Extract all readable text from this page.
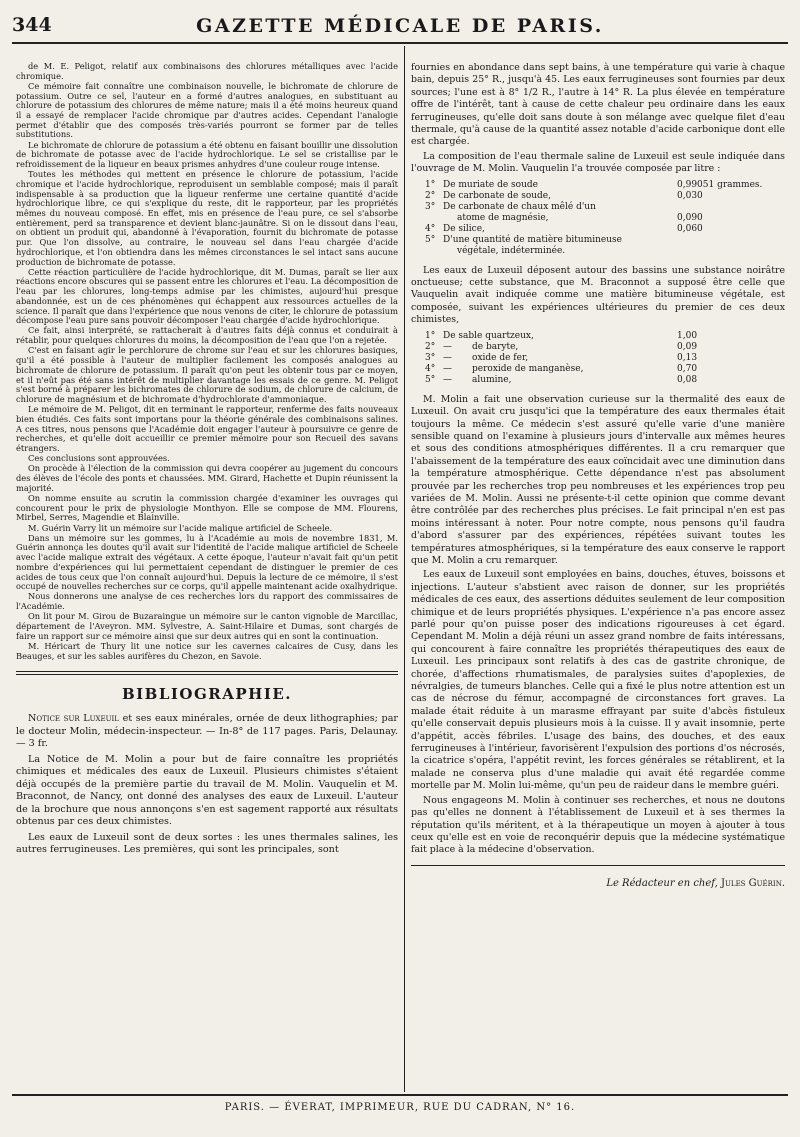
344	GAZETTE MÉDICALE DE PARIS.

de M. E. Peligot, relatif aux combinaisons des chlorures métalliques avec l'acide chromique.

Ce mémoire fait connaître une combinaison nouvelle, le bichromate de chlorure de potassium. Outre ce sel, l'auteur en a formé d'autres analogues, en substituant au chlorure de potassium des chlorures de même nature; mais il a été moins heureux quand il a essayé de remplacer l'acide chromique par d'autres acides. Cependant l'analogie permet d'établir que des composés très-variés pourront se former par de telles substitutions.

Le bichromate de chlorure de potassium a été obtenu en faisant bouillir une dissolution de bichromate de potasse avec de l'acide hydrochlorique. Le sel se cristallise par le refroidissement de la liqueur en beaux prismes anhydres d'une couleur rouge intense.

Toutes les méthodes qui mettent en présence le chlorure de potassium, l'acide chromique et l'acide hydrochlorique, reproduisent un semblable composé; mais il paraît indispensable à sa production que la liqueur renferme une certaine quantité d'acide hydrochlorique libre, ce qui s'explique du reste, dit le rapporteur, par les propriétés mêmes du nouveau composé. En effet, mis en présence de l'eau pure, ce sel s'absorbe entièrement, perd sa transparence et devient blanc-jaunâtre. Si on le dissout dans l'eau, on obtient un produit qui, abandonné à l'évaporation, fournit du bichromate de potasse pur. Que l'on dissolve, au contraire, le nouveau sel dans l'eau chargée d'acide hydrochlorique, et l'on obtiendra dans les mêmes circonstances le sel intact sans aucune production de bichromate de potasse.

Cette réaction particulière de l'acide hydrochlorique, dit M. Dumas, paraît se lier aux réactions encore obscures qui se passent entre les chlorures et l'eau. La décomposition de l'eau par les chlorures, long-temps admise par les chimistes, aujourd'hui presque abandonnée, est un de ces phénomènes qui échappent aux ressources actuelles de la science. Il paraît que dans l'expérience que nous venons de citer, le chlorure de potassium décompose l'eau pure sans pouvoir décomposer l'eau chargée d'acide hydrochlorique.

Ce fait, ainsi interprété, se rattacherait à d'autres faits déjà connus et conduirait à rétablir, pour quelques chlorures du moins, la décomposition de l'eau que l'on a rejetée.

C'est en faisant agir le perchlorure de chrome sur l'eau et sur les chlorures basiques, qu'il a été possible à l'auteur de multiplier facilement les composés analogues au bichromate de chlorure de potassium. Il paraît qu'on peut les obtenir tous par ce moyen, et il n'eût pas été sans intérêt de multiplier davantage les essais de ce genre. M. Peligot s'est borné à préparer les bichromates de chlorure de sodium, de chlorure de calcium, de chlorure de magnésium et de bichromate d'hydrochlorate d'ammoniaque.

Le mémoire de M. Peligot, dit en terminant le rapporteur, renferme des faits nouveaux bien étudiés. Ces faits sont importans pour la théorie générale des combinaisons salines. A ces titres, nous pensons que l'Académie doit engager l'auteur à poursuivre ce genre de recherches, et qu'elle doit accueillir ce premier mémoire pour son Recueil des savans étrangers.

Ces conclusions sont approuvées.

On procède à l'élection de la commission qui devra coopérer au jugement du concours des élèves de l'école des ponts et chaussées. MM. Girard, Hachette et Dupin réunissent la majorité.

On nomme ensuite au scrutin la commission chargée d'examiner les ouvrages qui concourent pour le prix de physiologie Monthyon. Elle se compose de MM. Flourens, Mirbel, Serres, Magendie et Blainville.

M. Guérin Varry lit un mémoire sur l'acide malique artificiel de Scheele.

Dans un mémoire sur les gommes, lu à l'Académie au mois de novembre 1831, M. Guérin annonça les doutes qu'il avait sur l'identité de l'acide malique artificiel de Scheele avec l'acide malique extrait des végétaux. A cette époque, l'auteur n'avait fait qu'un petit nombre d'expériences qui lui permettaient cependant de distinguer le premier de ces acides de tous ceux que l'on connaît aujourd'hui. Depuis la lecture de ce mémoire, il s'est occupé de nouvelles recherches sur ce corps, qu'il appelle maintenant acide oxalhydrique.

Nous donnerons une analyse de ces recherches lors du rapport des commissaires de l'Académie.

On lit pour M. Girou de Buzaraingue un mémoire sur le canton vignoble de Marcillac, département de l'Aveyron. MM. Sylvestre, A. Saint-Hilaire et Dumas, sont chargés de faire un rapport sur ce mémoire ainsi que sur deux autres qui en sont la continuation.

M. Héricart de Thury lit une notice sur les cavernes calcaires de Cusy, dans les Beauges, et sur les sables aurifères du Chezon, en Savoie.

BIBLIOGRAPHIE.

Notice sur Luxeuil et ses eaux minérales, ornée de deux lithographies; par le docteur Molin, médecin-inspecteur. — In-8° de 117 pages. Paris, Delaunay. — 3 fr.

La Notice de M. Molin a pour but de faire connaître les propriétés chimiques et médicales des eaux de Luxeuil. Plusieurs chimistes s'étaient déjà occupés de la première partie du travail de M. Molin. Vauquelin et M. Braconnot, de Nancy, ont donné des analyses des eaux de Luxeuil. L'auteur de la brochure que nous annonçons s'en est sagement rapporté aux résultats obtenus par ces deux chimistes.

Les eaux de Luxeuil sont de deux sortes : les unes thermales salines, les autres ferrugineuses. Les premières, qui sont les principales, sont

fournies en abondance dans sept bains, à une température qui varie à chaque bain, depuis 25° R., jusqu'à 45. Les eaux ferrugineuses sont fournies par deux sources; l'une est à 8° 1/2 R., l'autre à 14° R. La plus élevée en température offre de l'intérêt, tant à cause de cette chaleur peu ordinaire dans les eaux ferrugineuses, qu'elle doit sans doute à son mélange avec quelque filet d'eau thermale, qu'à cause de la quantité assez notable d'acide carbonique dont elle est chargée.

La composition de l'eau thermale saline de Luxeuil est seule indiquée dans l'ouvrage de M. Molin. Vauquelin l'a trouvée composée par litre :

1°	De muriate de soude	0,99051 grammes.
2°	De carbonate de soude,	0,030
3°	De carbonate de chaux mêlé d'un	
	atome de magnésie,	0,090
4°	De silice,	0,060
5°	D'une quantité de matière bitumineuse	
	végétale, indéterminée.	

Les eaux de Luxeuil déposent autour des bassins une substance noirâtre onctueuse; cette substance, que M. Braconnot a supposé être celle que Vauquelin avait indiquée comme une matière bitumineuse végétale, est composée, suivant les expériences ultérieures du premier de ces deux chimistes,

1°	De sable quartzeux,	1,00
2°	—       de baryte,	0,09
3°	—       oxide de fer,	0,13
4°	—       peroxide de manganèse,	0,70
5°	—       alumine,	0,08

M. Molin a fait une observation curieuse sur la thermalité des eaux de Luxeuil. On avait cru jusqu'ici que la température des eaux thermales était toujours la même. Ce médecin s'est assuré qu'elle varie d'une manière sensible quand on l'examine à plusieurs jours d'intervalle aux mêmes heures et sous des conditions atmosphériques différentes. Il a cru remarquer que l'abaissement de la température des eaux coïncidait avec une diminution dans la température atmosphérique. Cette dépendance n'est pas absolument prouvée par les recherches trop peu nombreuses et les expériences trop peu variées de M. Molin. Aussi ne présente-t-il cette opinion que comme devant être contrôlée par des recherches plus précises. Le fait principal n'en est pas moins intéressant à noter. Pour notre compte, nous pensons qu'il faudra d'abord s'assurer par des expériences, répétées suivant toutes les températures atmosphériques, si la température des eaux conserve le rapport que M. Molin a cru remarquer.

Les eaux de Luxeuil sont employées en bains, douches, étuves, boissons et injections. L'auteur s'abstient avec raison de donner, sur les propriétés médicales de ces eaux, des assertions déduites seulement de leur composition chimique et de leurs propriétés physiques. L'expérience n'a pas encore assez parlé pour qu'on puisse poser des indications rigoureuses à cet égard. Cependant M. Molin a déjà réuni un assez grand nombre de faits intéressans, qui concourent à faire connaître les propriétés thérapeutiques des eaux de Luxeuil. Les principaux sont relatifs à des cas de gastrite chronique, de chorée, d'affections rhumatismales, de paralysies suites d'apoplexies, de névralgies, de tumeurs blanches. Celle qui a fixé le plus notre attention est un cas de nécrose du fémur, accompagné de circonstances fort graves. La malade était réduite à un marasme effrayant par suite d'abcès fistuleux qu'elle conservait depuis plusieurs mois à la cuisse. Il y avait insomnie, perte d'appétit, accès fébriles. L'usage des bains, des douches, et des eaux ferrugineuses à l'intérieur, favorisèrent l'expulsion des portions d'os nécrosés, la cicatrice s'opéra, l'appétit revint, les forces générales se rétablirent, et la malade ne conserva plus d'une maladie qui avait été regardée comme mortelle par M. Molin lui-même, qu'un peu de raideur dans le membre guéri.

Nous engageons M. Molin à continuer ses recherches, et nous ne doutons pas qu'elles ne donnent à l'établissement de Luxeuil et à ses thermes la réputation qu'ils méritent, et à la thérapeutique un moyen à ajouter à tous ceux qu'elle est en voie de reconquérir depuis que la médecine systématique fait place à la médecine d'observation.

Le Rédacteur en chef, Jules Guérin.
PARIS. — ÉVERAT, IMPRIMEUR, RUE DU CADRAN, N° 16.
